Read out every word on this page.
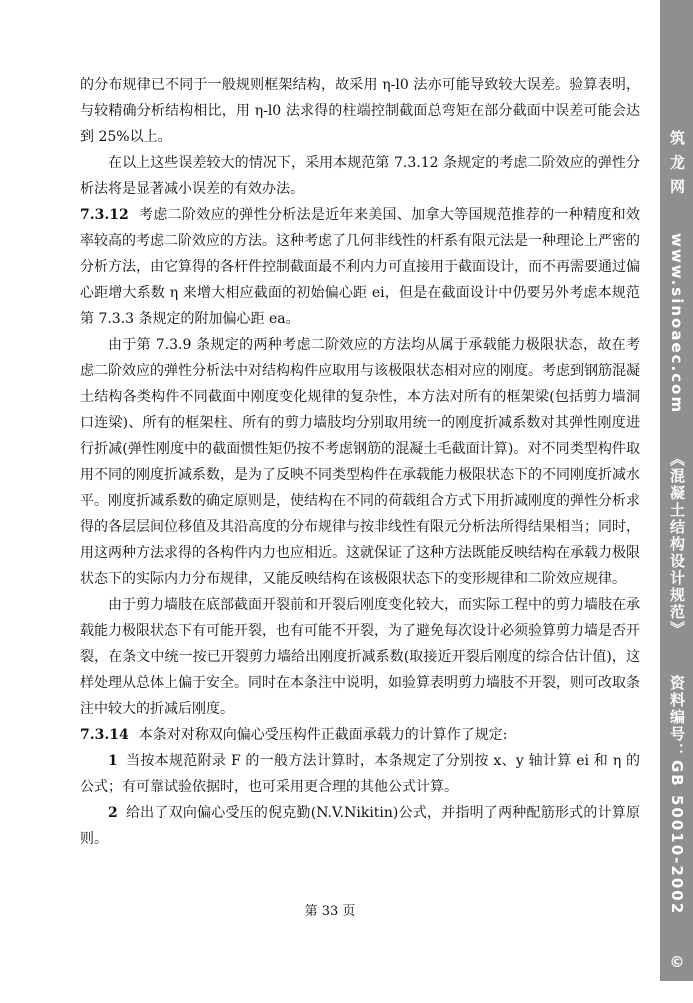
的分布规律已不同于一般规则框架结构，故采用 η-l0 法亦可能导致较大误差。验算表明，与较精确分析结构相比，用 η-l0 法求得的柱端控制截面总弯矩在部分截面中误差可能会达到 25%以上。

在以上这些误差较大的情况下，采用本规范第 7.3.12 条规定的考虑二阶效应的弹性分析法将是显著减小误差的有效办法。

7.3.12 考虑二阶效应的弹性分析法是近年来美国、加拿大等国规范推荐的一种精度和效率较高的考虑二阶效应的方法。这种考虑了几何非线性的杆系有限元法是一种理论上严密的分析方法，由它算得的各杆件控制截面最不利内力可直接用于截面设计，而不再需要通过偏心距增大系数 η 来增大相应截面的初始偏心距 ei，但是在截面设计中仍要另外考虑本规范第 7.3.3 条规定的附加偏心距 ea。

由于第 7.3.9 条规定的两种考虑二阶效应的方法均从属于承载能力极限状态，故在考虑二阶效应的弹性分析法中对结构构件应取用与该极限状态相对应的刚度。考虑到钢筋混凝土结构各类构件不同截面中刚度变化规律的复杂性，本方法对所有的框架梁(包括剪力墙洞口连梁)、所有的框架柱、所有的剪力墙肢均分别取用统一的刚度折减系数对其弹性刚度进行折减(弹性刚度中的截面惯性矩仍按不考虑钢筋的混凝土毛截面计算)。对不同类型构件取用不同的刚度折减系数，是为了反映不同类型构件在承载能力极限状态下的不同刚度折减水平。刚度折减系数的确定原则是，使结构在不同的荷载组合方式下用折减刚度的弹性分析求得的各层层间位移值及其沿高度的分布规律与按非线性有限元分析法所得结果相当；同时，用这两种方法求得的各构件内力也应相近。这就保证了这种方法既能反映结构在承载力极限状态下的实际内力分布规律，又能反映结构在该极限状态下的变形规律和二阶效应规律。

由于剪力墙肢在底部截面开裂前和开裂后刚度变化较大，而实际工程中的剪力墙肢在承载能力极限状态下有可能开裂，也有可能不开裂，为了避免每次设计必须验算剪力墙是否开裂，在条文中统一按已开裂剪力墙给出刚度折减系数(取接近开裂后刚度的综合估计值)，这样处理从总体上偏于安全。同时在本条注中说明，如验算表明剪力墙肢不开裂，则可改取条注中较大的折减后刚度。

7.3.14 本条对对称双向偏心受压构件正截面承载力的计算作了规定:

1 当按本规范附录 F 的一般方法计算时，本条规定了分别按 x、y 轴计算 ei 和 η 的公式；有可靠试验依据时，也可采用更合理的其他公式计算。

2 给出了双向偏心受压的倪克勤(N.V.Nikitin)公式，并指明了两种配筋形式的计算原则。

第 33 页
筑 龙 网 www.sinoaec.com 《混凝土结构设计规范》 资料编号：GB 50010-2002 ©
